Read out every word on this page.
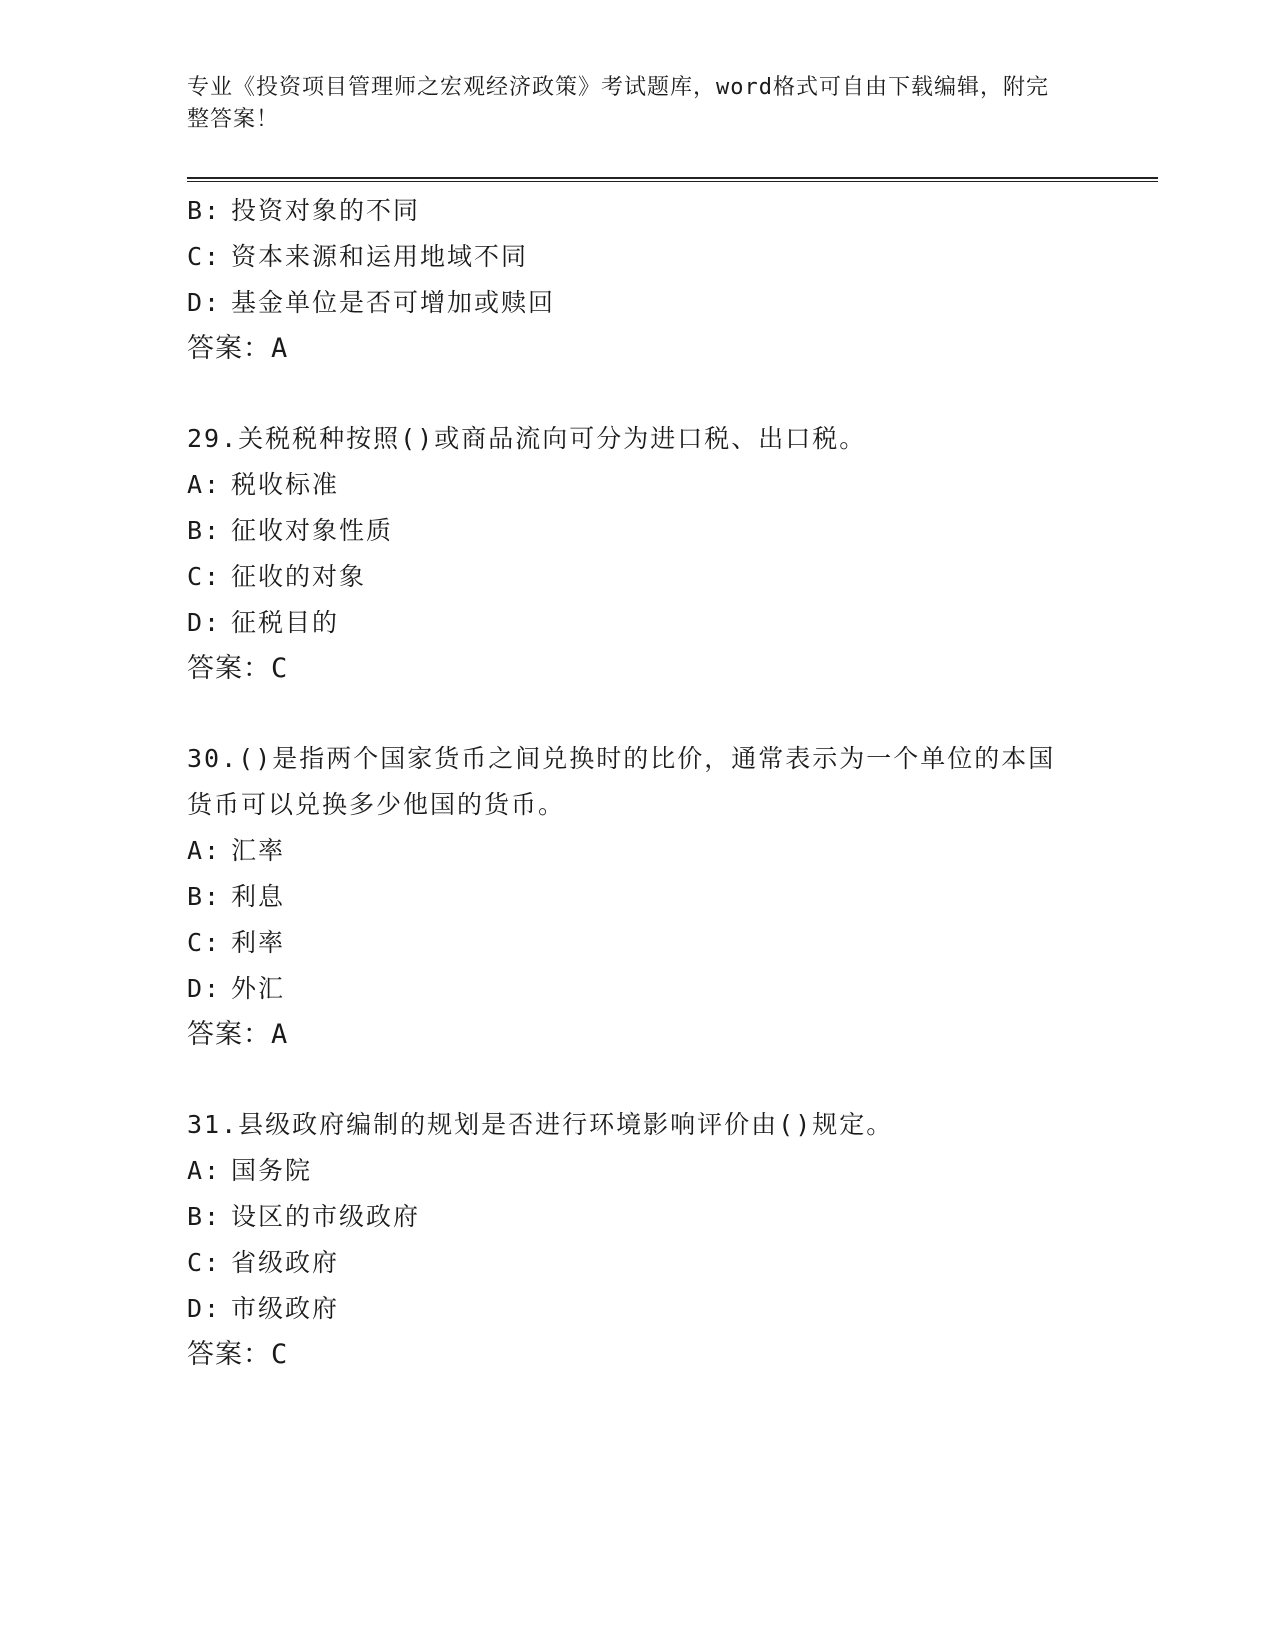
专业《投资项目管理师之宏观经济政策》考试题库，word格式可自由下载编辑，附完整答案！
B: 投资对象的不同
C: 资本来源和运用地域不同
D: 基金单位是否可增加或赎回
答案：A
29.关税税种按照()或商品流向可分为进口税、出口税。
A: 税收标准
B: 征收对象性质
C: 征收的对象
D: 征税目的
答案：C
30.()是指两个国家货币之间兑换时的比价，通常表示为一个单位的本国货币可以兑换多少他国的货币。
A: 汇率
B: 利息
C: 利率
D: 外汇
答案：A
31.县级政府编制的规划是否进行环境影响评价由()规定。
A: 国务院
B: 设区的市级政府
C: 省级政府
D: 市级政府
答案：C
